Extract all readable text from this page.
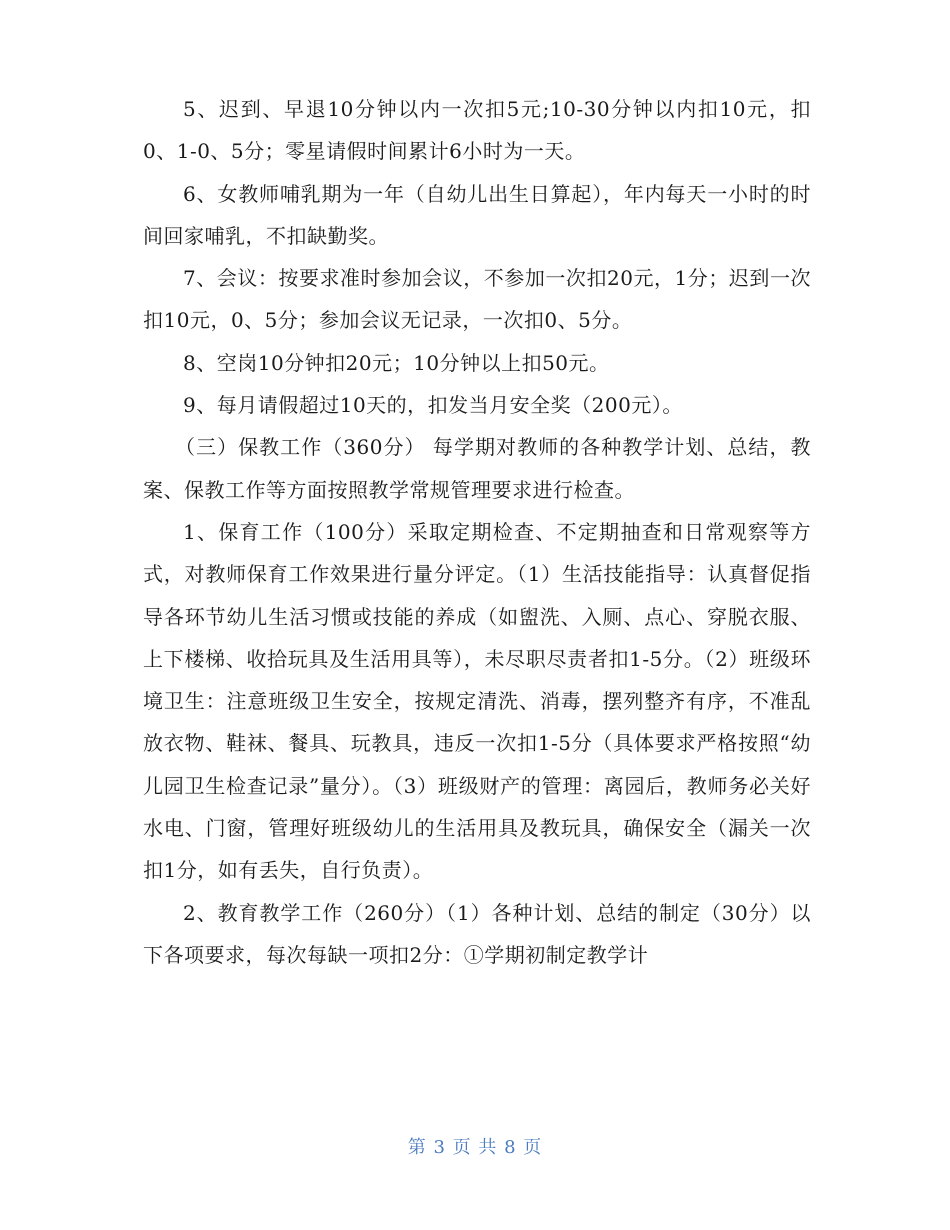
5、迟到、早退10分钟以内一次扣5元;10-30分钟以内扣10元，扣0、1-0、5分；零星请假时间累计6小时为一天。

6、女教师哺乳期为一年（自幼儿出生日算起），年内每天一小时的时间回家哺乳，不扣缺勤奖。

7、会议：按要求准时参加会议，不参加一次扣20元，1分；迟到一次扣10元，0、5分；参加会议无记录，一次扣0、5分。

8、空岗10分钟扣20元；10分钟以上扣50元。

9、每月请假超过10天的，扣发当月安全奖（200元）。

（三）保教工作（360分） 每学期对教师的各种教学计划、总结，教案、保教工作等方面按照教学常规管理要求进行检查。

1、保育工作（100分）采取定期检查、不定期抽查和日常观察等方式，对教师保育工作效果进行量分评定。（1）生活技能指导：认真督促指导各环节幼儿生活习惯或技能的养成（如盥洗、入厕、点心、穿脱衣服、上下楼梯、收拾玩具及生活用具等），未尽职尽责者扣1-5分。（2）班级环境卫生：注意班级卫生安全，按规定清洗、消毒，摆列整齐有序，不准乱放衣物、鞋袜、餐具、玩教具，违反一次扣1-5分（具体要求严格按照“幼儿园卫生检查记录”量分）。（3）班级财产的管理：离园后，教师务必关好水电、门窗，管理好班级幼儿的生活用具及教玩具，确保安全（漏关一次扣1分，如有丢失，自行负责）。

2、教育教学工作（260分）（1）各种计划、总结的制定（30分）以下各项要求，每次每缺一项扣2分：①学期初制定教学计

第 3 页 共 8 页
